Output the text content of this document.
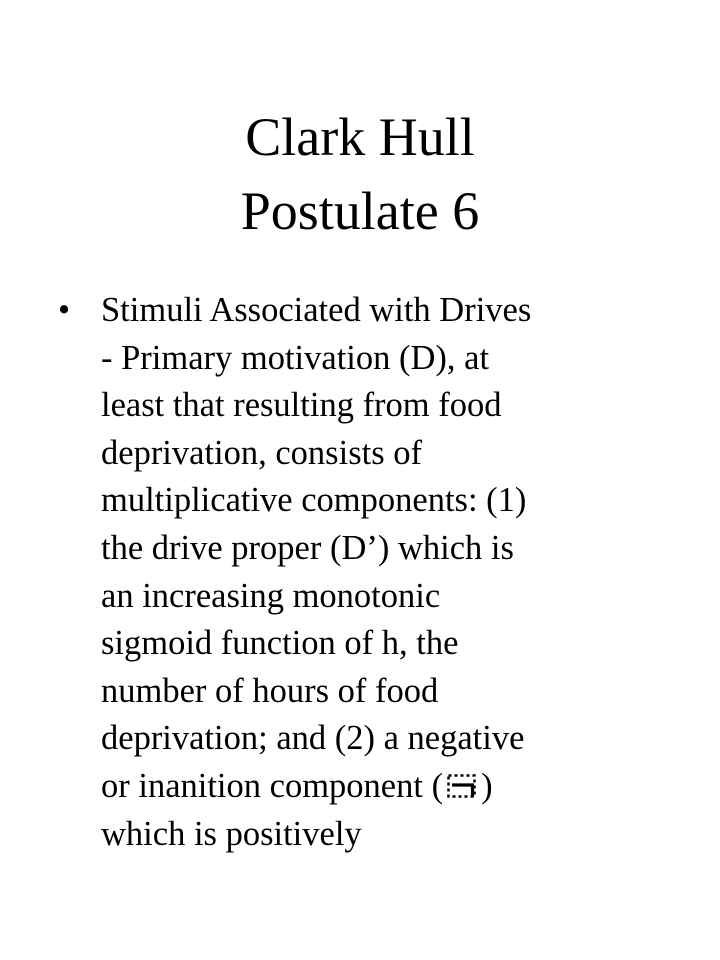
Clark Hull
Postulate 6
• Stimuli Associated with Drives
- Primary motivation (D), at
least that resulting from food
deprivation, consists of
multiplicative components: (1)
the drive proper (D’) which is
an increasing monotonic
sigmoid function of h, the
number of hours of food
deprivation; and (2) a negative
or inanition component ( )
which is positively
